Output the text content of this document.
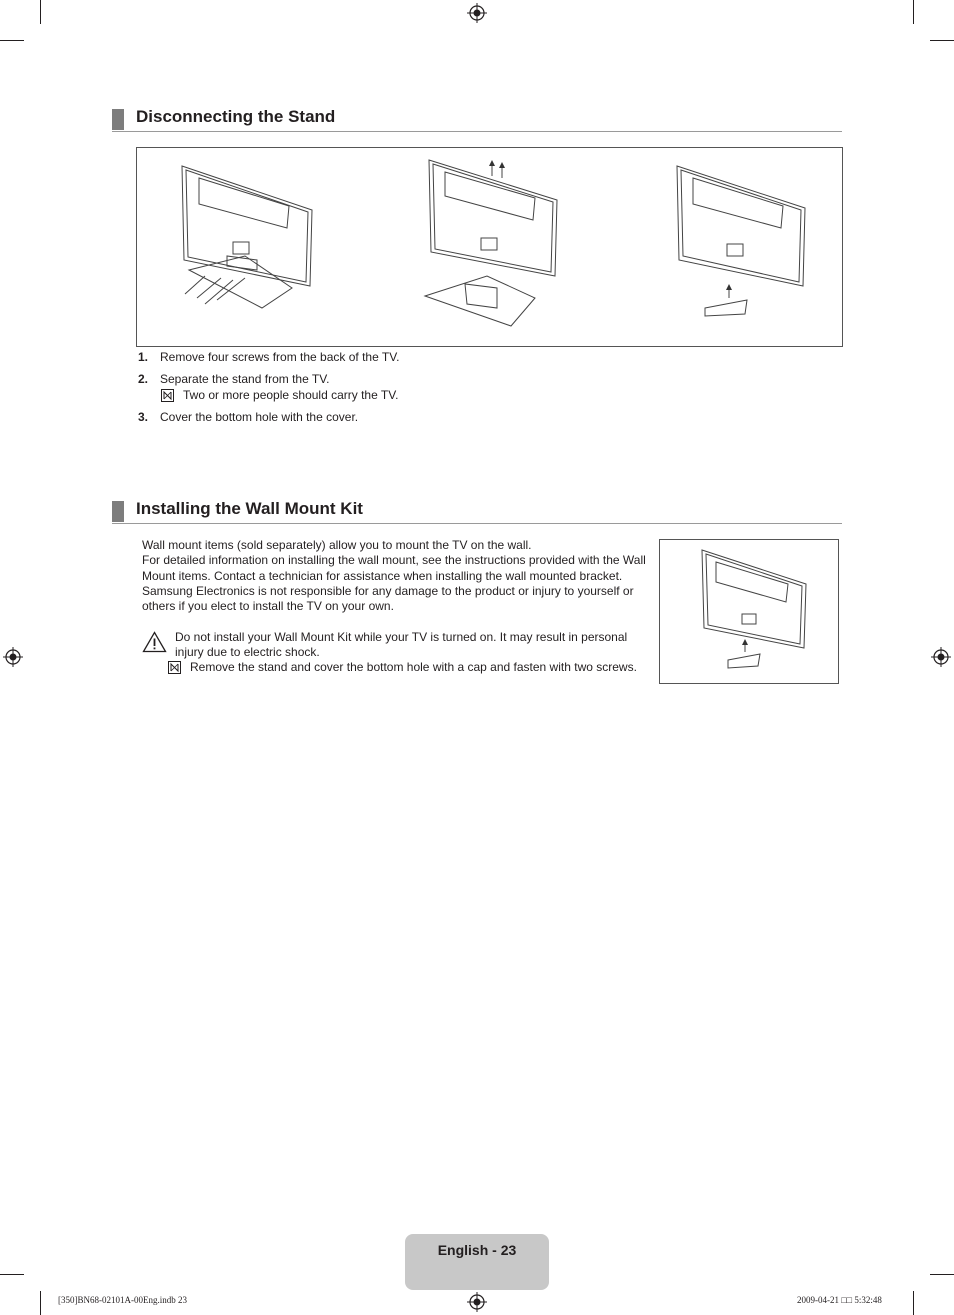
Disconnecting the Stand
1. Remove four screws from the back of the TV.
2. Separate the stand from the TV.
Two or more people should carry the TV.
3. Cover the bottom hole with the cover.
Installing the Wall Mount Kit
Wall mount items (sold separately) allow you to mount the TV on the wall.
For detailed information on installing the wall mount, see the instructions provided with the Wall Mount items. Contact a technician for assistance when installing the wall mounted bracket.
Samsung Electronics is not responsible for any damage to the product or injury to yourself or others if you elect to install the TV on your own.
Do not install your Wall Mount Kit while your TV is turned on. It may result in personal injury due to electric shock.
Remove the stand and cover the bottom hole with a cap and fasten with two screws.
English - 23
[350]BN68-02101A-00Eng.indb 23	2009-04-21 □□ 5:32:48
